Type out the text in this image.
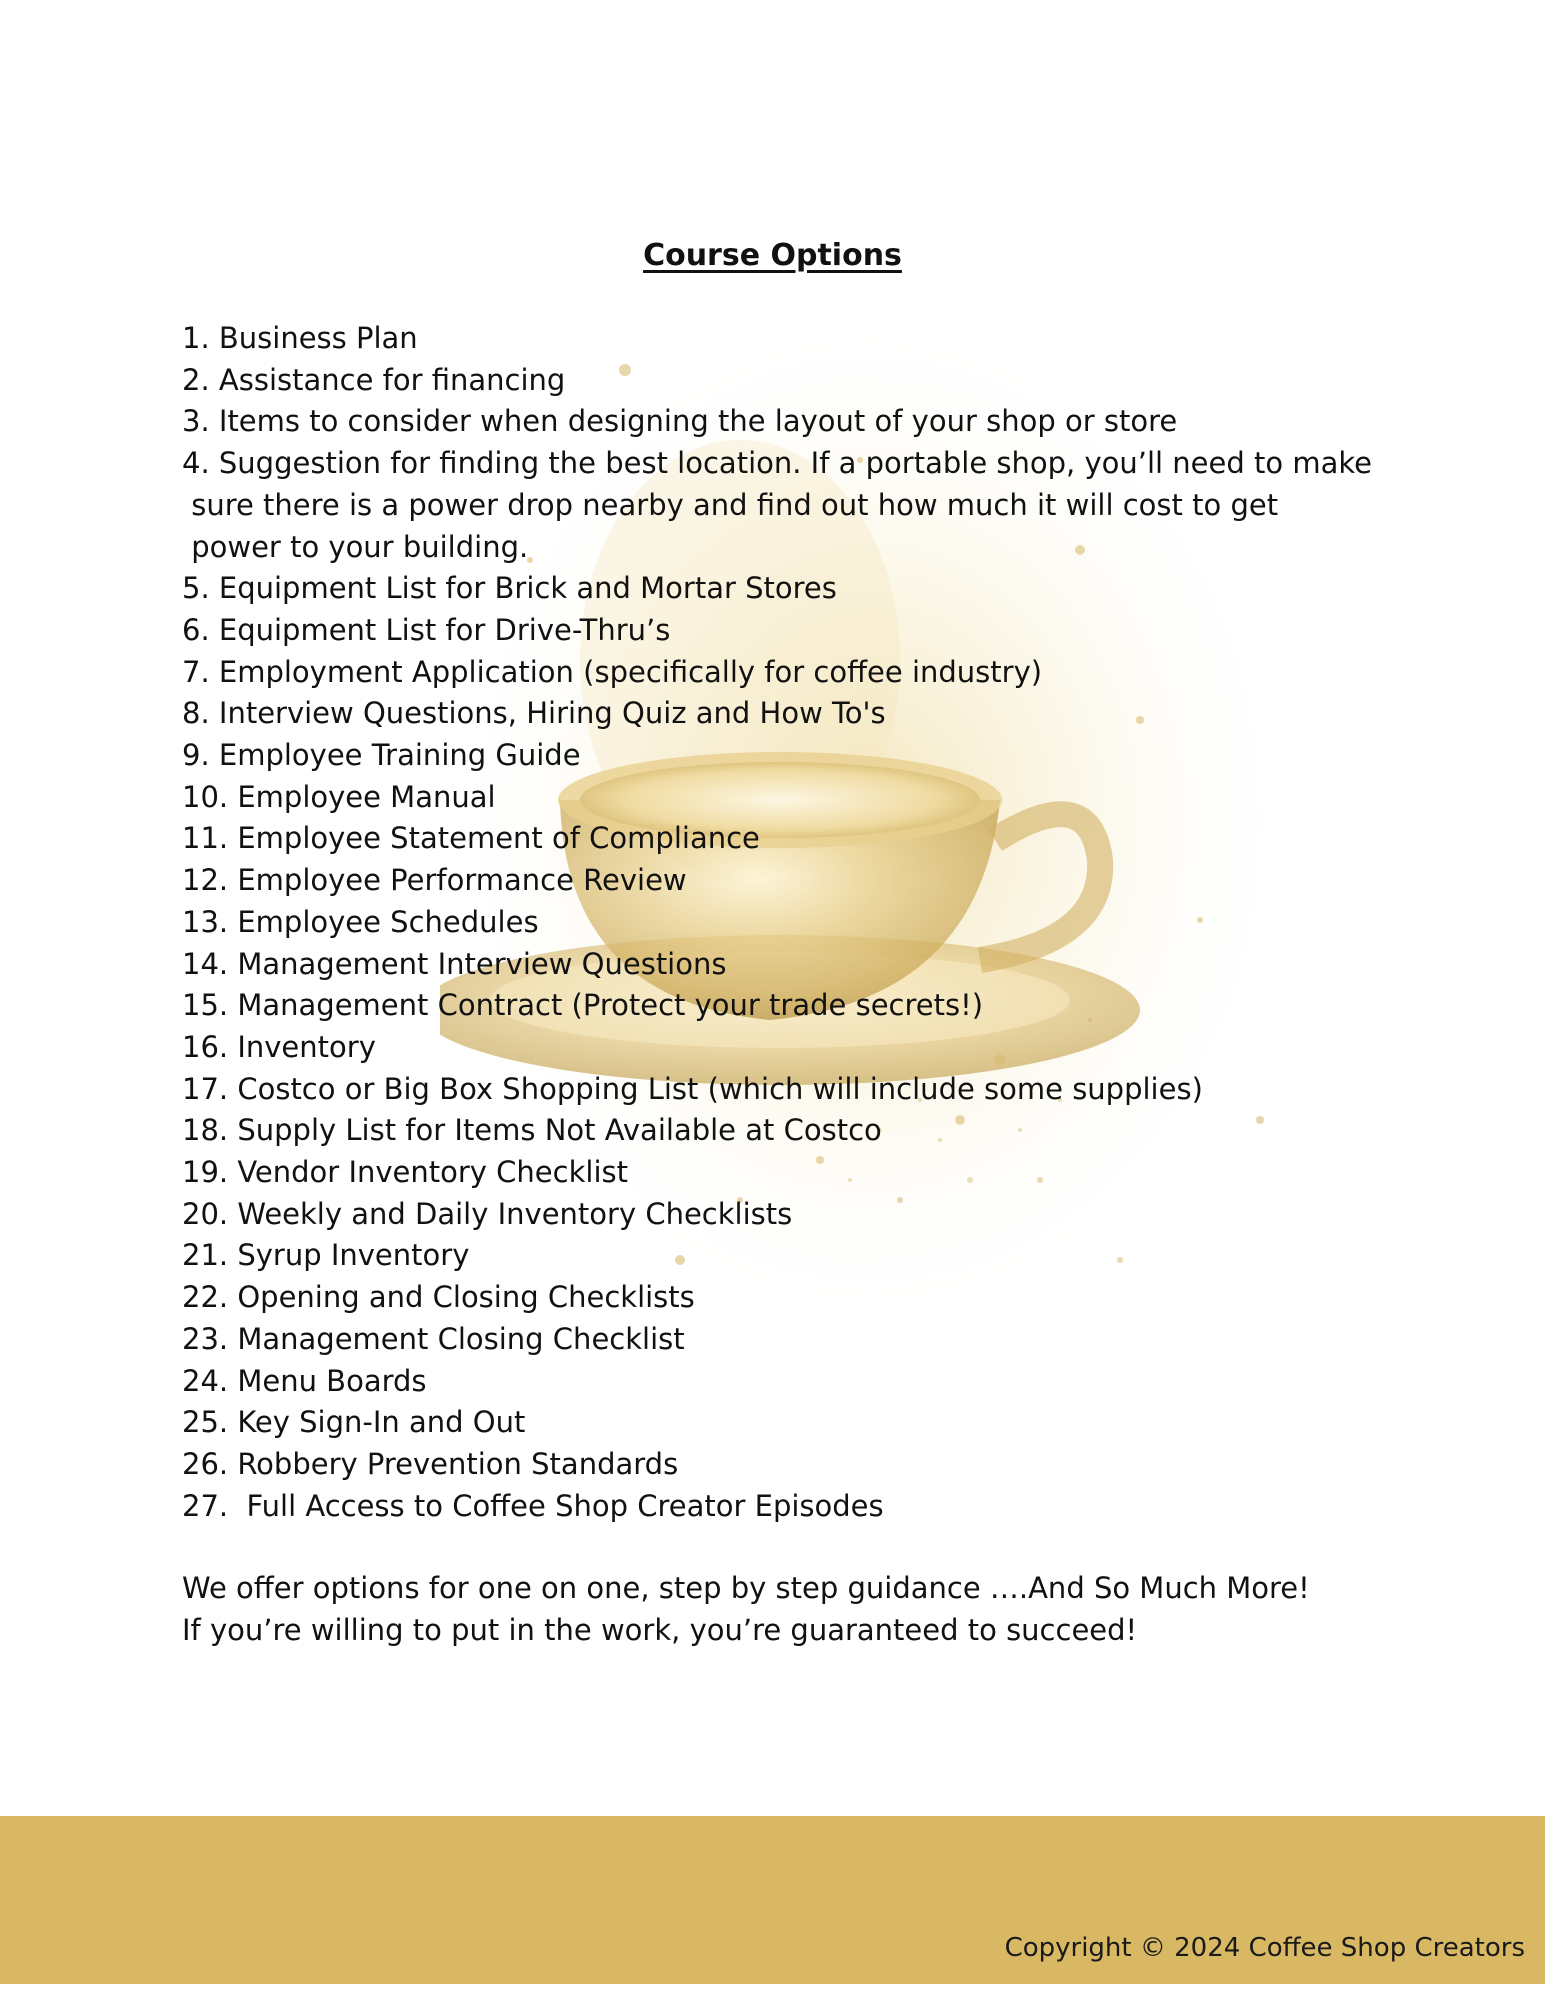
Course Options
1. Business Plan
2. Assistance for financing
3. Items to consider when designing the layout of your shop or store
4. Suggestion for finding the best location. If a portable shop, you’ll need to make
sure there is a power drop nearby and find out how much it will cost to get
power to your building.
5. Equipment List for Brick and Mortar Stores
6. Equipment List for Drive-Thru’s
7. Employment Application (specifically for coffee industry)
8. Interview Questions, Hiring Quiz and How To's
9. Employee Training Guide
10. Employee Manual
11. Employee Statement of Compliance
12. Employee Performance Review
13. Employee Schedules
14. Management Interview Questions
15. Management Contract (Protect your trade secrets!)
16. Inventory
17. Costco or Big Box Shopping List (which will include some supplies)
18. Supply List for Items Not Available at Costco
19. Vendor Inventory Checklist
20. Weekly and Daily Inventory Checklists
21. Syrup Inventory
22. Opening and Closing Checklists
23. Management Closing Checklist
24. Menu Boards
25. Key Sign-In and Out
26. Robbery Prevention Standards
27.  Full Access to Coffee Shop Creator Episodes

We offer options for one on one, step by step guidance ….And So Much More!

If you’re willing to put in the work, you’re guaranteed to succeed!

Copyright © 2024 Coffee Shop Creators
